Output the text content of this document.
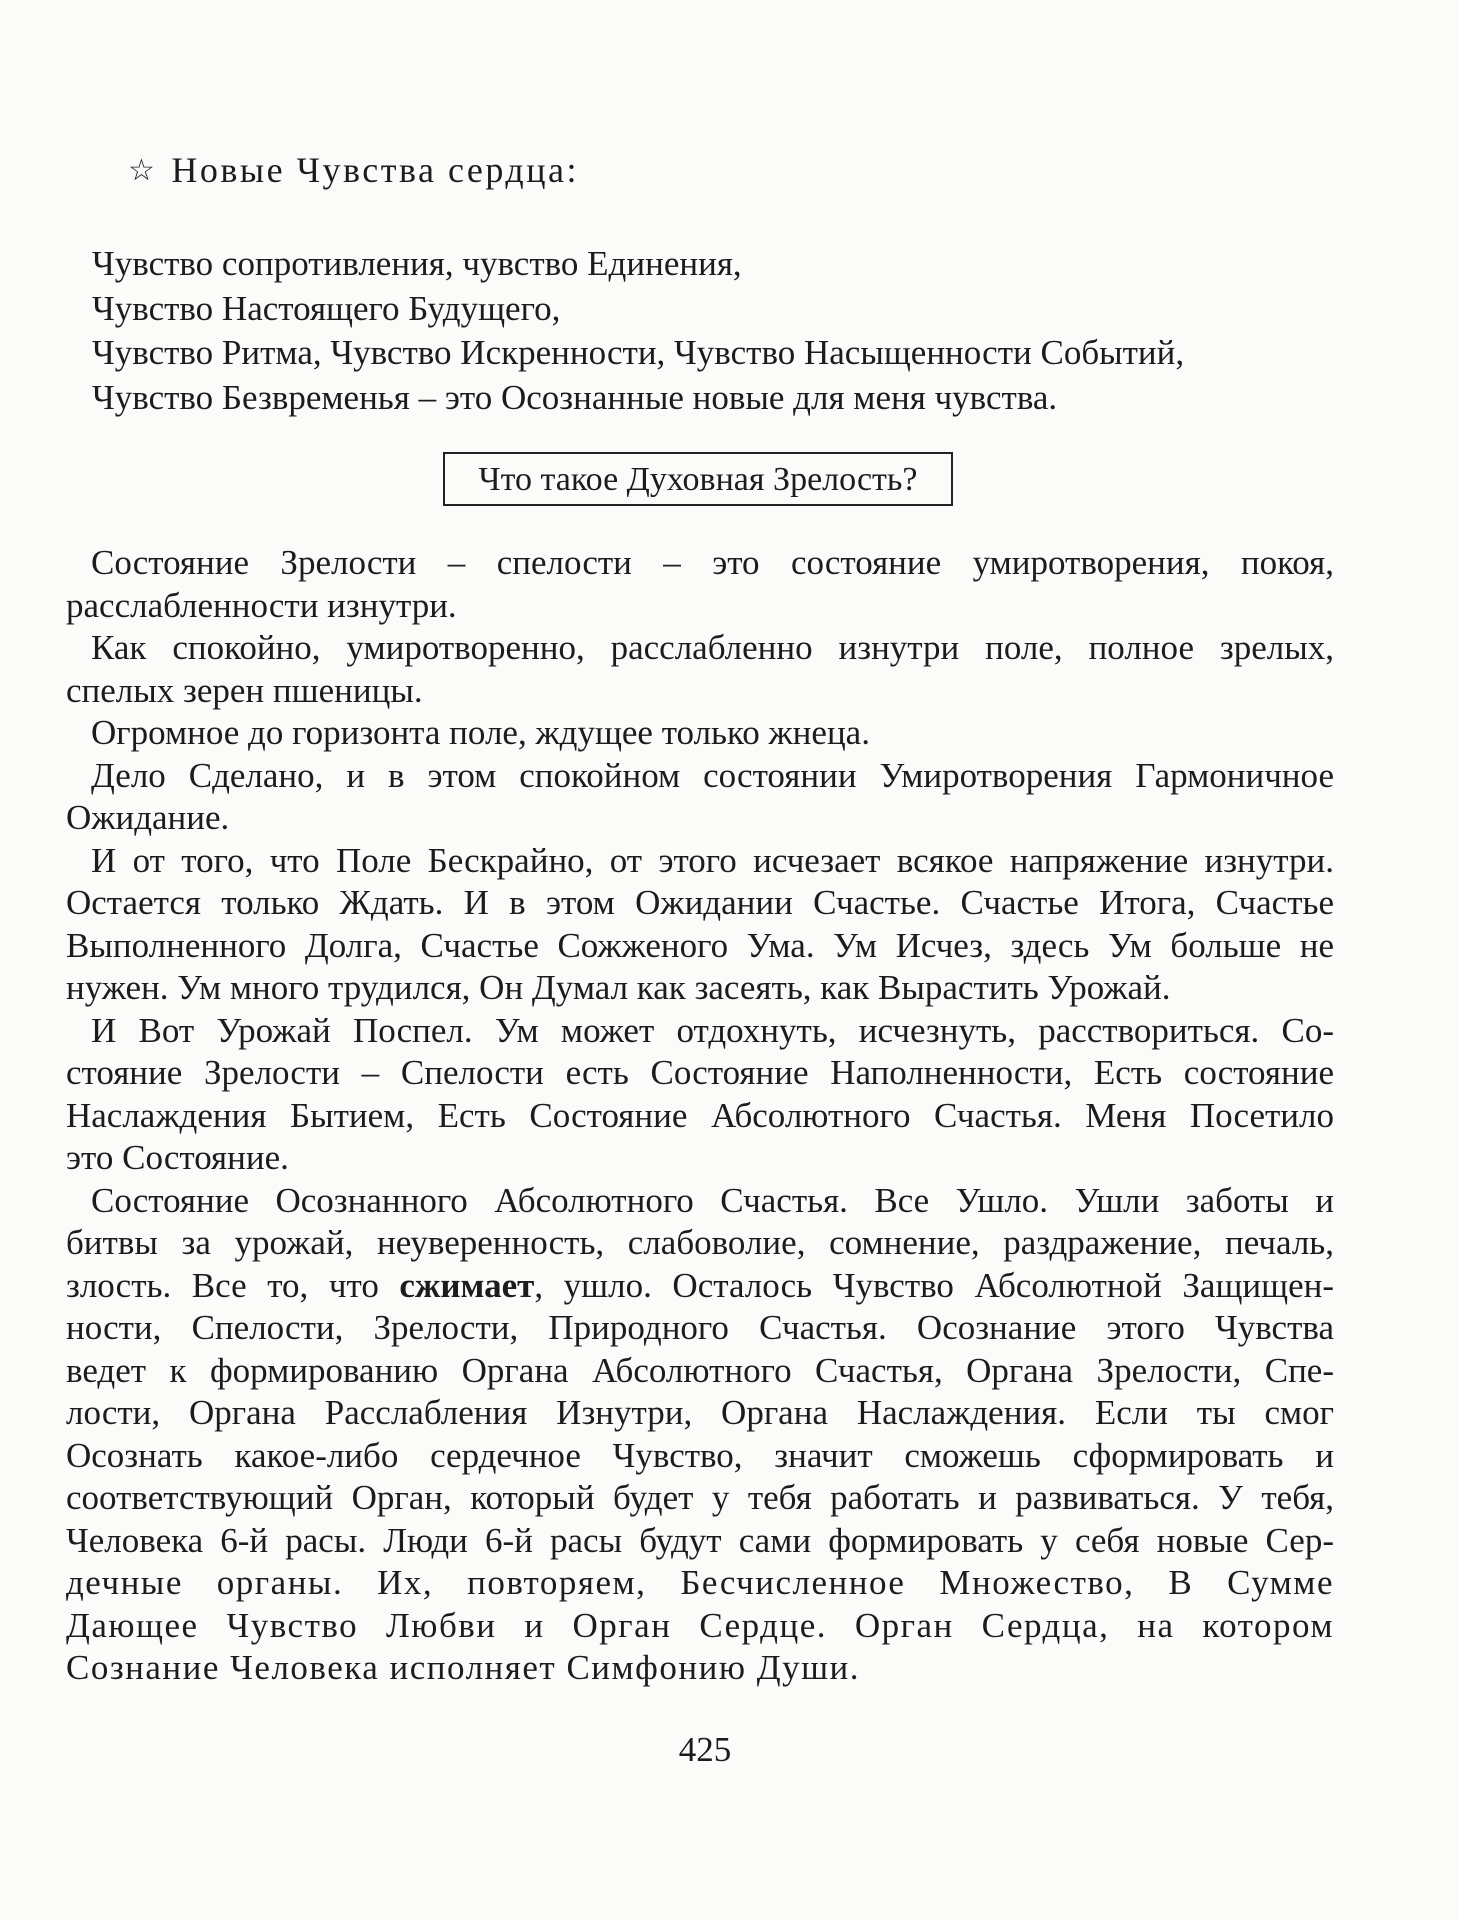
☆ Новые Чувства сердца:
Чувство сопротивления, чувство Единения,
Чувство Настоящего Будущего,
Чувство Ритма, Чувство Искренности, Чувство Насыщенности Событий,
Чувство Безвременья – это Осознанные новые для меня чувства.
Что такое Духовная Зрелость?
Состояние Зрелости – спелости – это состояние умиротворения, покоя,
расслабленности изнутри.
Как спокойно, умиротворенно, расслабленно изнутри поле, полное зрелых,
спелых зерен пшеницы.
Огромное до горизонта поле, ждущее только жнеца.
Дело Сделано, и в этом спокойном состоянии Умиротворения Гармоничное
Ожидание.
И от того, что Поле Бескрайно, от этого исчезает всякое напряжение изнутри.
Остается только Ждать. И в этом Ожидании Счастье. Счастье Итога, Счастье
Выполненного Долга, Счастье Сожженого Ума. Ум Исчез, здесь Ум больше не
нужен. Ум много трудился, Он Думал как засеять, как Вырастить Урожай.
И Вот Урожай Поспел. Ум может отдохнуть, исчезнуть, расствориться. Со-
стояние Зрелости – Спелости есть Состояние Наполненности, Есть состояние
Наслаждения Бытием, Есть Состояние Абсолютного Счастья. Меня Посетило
это Состояние.
Состояние Осознанного Абсолютного Счастья. Все Ушло. Ушли заботы и
битвы за урожай, неуверенность, слабоволие, сомнение, раздражение, печаль,
злость. Все то, что сжимает, ушло. Осталось Чувство Абсолютной Защищен-
ности, Спелости, Зрелости, Природного Счастья. Осознание этого Чувства
ведет к формированию Органа Абсолютного Счастья, Органа Зрелости, Спе-
лости, Органа Расслабления Изнутри, Органа Наслаждения. Если ты смог
Осознать какое-либо сердечное Чувство, значит сможешь сформировать и
соответствующий Орган, который будет у тебя работать и развиваться. У тебя,
Человека 6-й расы. Люди 6-й расы будут сами формировать у себя новые Сер-
дечные органы. Их, повторяем, Бесчисленное Множество, В Сумме
Дающее Чувство Любви и Орган Сердце. Орган Сердца, на котором
Сознание Человека исполняет Симфонию Души.
425
